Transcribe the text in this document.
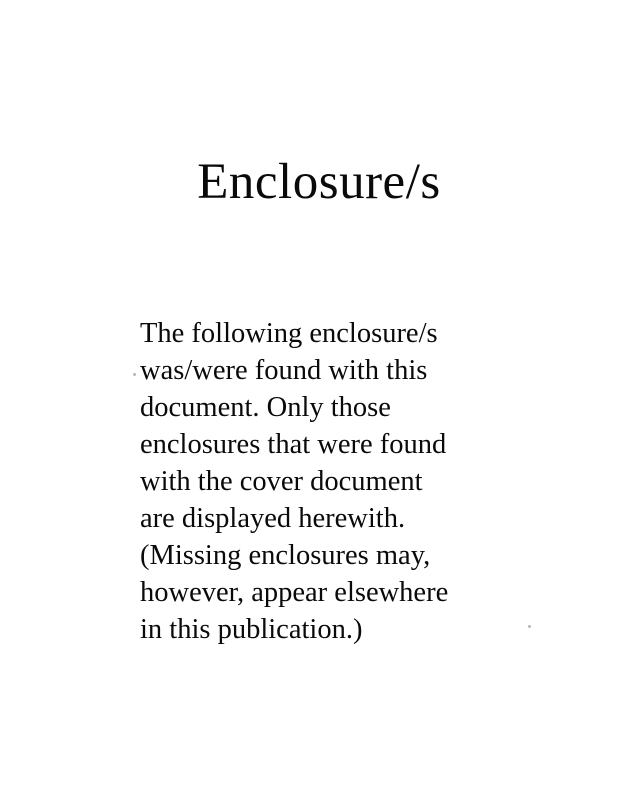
Enclosure/s
The following enclosure/s
was/were found with this
document. Only those
enclosures that were found
with the cover document
are displayed herewith.
(Missing enclosures may,
however, appear elsewhere
in this publication.)
